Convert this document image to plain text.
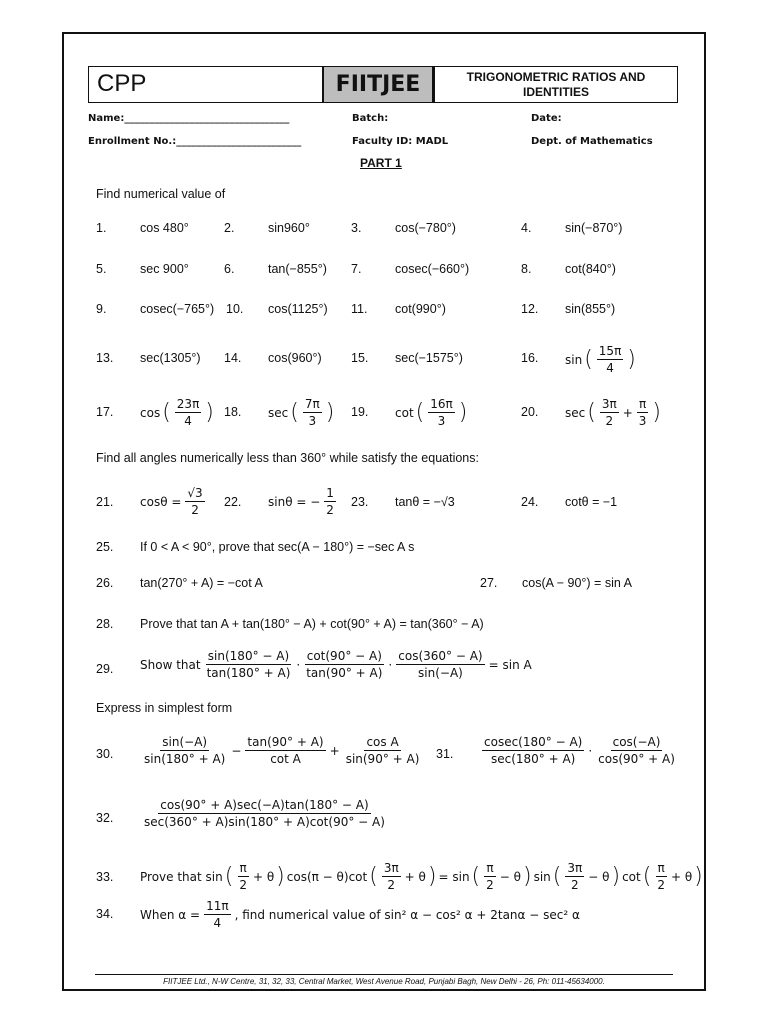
CPP	FIITJEE	TRIGONOMETRIC RATIOS AND
IDENTITIES
Name:_________________________________	Batch:	Date:
Enrollment No.:_________________________	Faculty ID: MADL	Dept. of Mathematics
PART 1
Find numerical value of
1.	cos 480°	2.	sin960°	3.	cos(−780°)	4.	sin(−870°)
5.	sec 900°	6.	tan(−855°) 7.	cosec(−660°)	8.	cot(840°)
9.	cosec(−765°) 10. cos(1125°) 11. cot(990°)	12. sin(855°)
13. sec(1305°) 14. cos(960°) 15. sec(−1575°)	16. sin ( $\frac{15\pi}{4}$ )
17. cos ( $\frac{23\pi}{4}$ ) 18. sec ( $\frac{7\pi}{3}$ ) 19. cot ( $\frac{16\pi}{3}$ )	20. sec ( $\frac{3\pi}{2} + \frac{\pi}{3}$ )
Find all angles numerically less than 360° while satisfy the equations:
21. $\cos\theta = \frac{√3}{2} 22$. sinθ = − $\frac{1}{2} 23$. tanθ = −√3	24. cotθ = −1
25. If 0 < A < 90°, prove that sec(A − 180°) = −sec A s
26. tan(270° + A) = −cot A	27. cos(A − 90°) = sin A
28. Prove that tan A + tan(180° − A) + cot(90° + A) = tan(360° − A)
29. Show that $\frac{\sin(180^\circ - A)}{\tan(180^\circ + A)} \cdot \frac{\cot(90^\circ - A)}{\tan(90^\circ + A)} \cdot \frac{\cos(360^\circ - A)}{\sin(-A)} = \sin A$
Express in simplest form
30. $\frac{\sin(-A)}{\sin(180^\circ + A)} - \frac{\tan(90^\circ + A)}{\text{cot A}} + \frac{\text{cos A}}{\sin(90^\circ + A)} 31$. $\frac{cosec(180^\circ - A)}{\sec(180^\circ + A)} \cdot \frac{\cos(-A)}{\cos(90^\circ + A)}$
32. $\frac{\cos(90^\circ + A)\sec(-A)\tan(180^\circ - A)}{\sec(360^\circ + A)\sin(180^\circ + A)\cot(90^\circ - A)}$
33. Prove that sin ( $\frac{\pi}{2} + \theta$ ) cos(π − θ)cot ( $\frac{3\pi}{2} + \theta$ ) = sin ( $\frac{\pi}{2} - \theta$ ) sin ( $\frac{3\pi}{2} - \theta$ ) cot ( $\frac{\pi}{2} + \theta$ )
34. When $\alpha = \frac{11\pi}{4}$ , find numerical value of sin² α − cos² α + 2tanα − sec² α
FIITJEE Ltd., N-W Centre, 31, 32, 33, Central Market, West Avenue Road, Punjabi Bagh, New Delhi - 26, Ph: 011-45634000.
